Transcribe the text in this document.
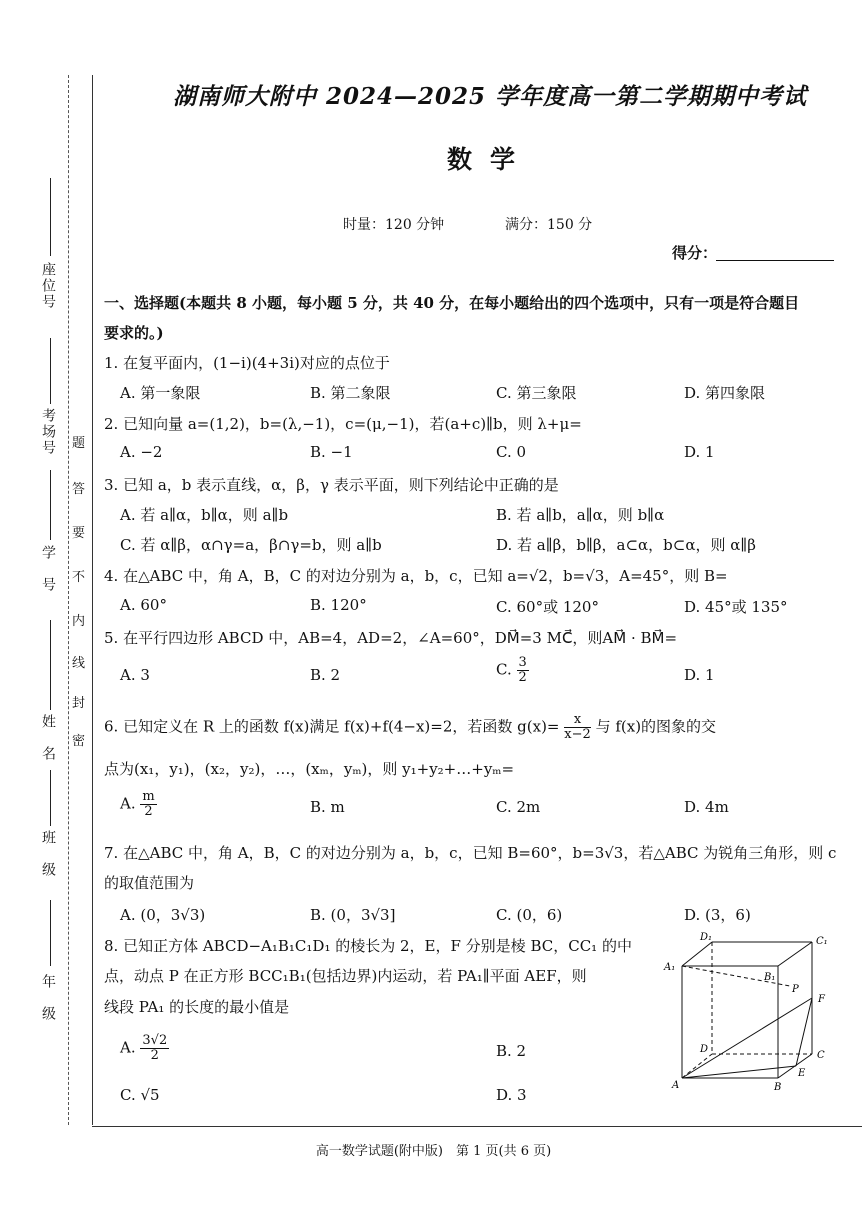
座位号
考场号
学　号
姓　名
班　级
年　级
题
答
要
不
内
线
封
密
湖南师大附中 2024—2025 学年度高一第二学期期中考试
数学
时量：120 分钟	满分：150 分
得分：
一、选择题(本题共 8 小题，每小题 5 分，共 40 分，在每小题给出的四个选项中，只有一项是符合题目
要求的。)
1. 在复平面内，(1−i)(4+3i)对应的点位于
A. 第一象限	B. 第二象限	C. 第三象限	D. 第四象限
2. 已知向量 a=(1,2)，b=(λ,−1)，c=(μ,−1)，若(a+c)∥b，则 λ+μ=
A. −2	B. −1	C. 0	D. 1
3. 已知 a，b 表示直线，α，β，γ 表示平面，则下列结论中正确的是
A. 若 a∥α，b∥α，则 a∥b	B. 若 a∥b，a∥α，则 b∥α
C. 若 α∥β，α∩γ=a，β∩γ=b，则 a∥b	D. 若 a∥β，b∥β，a⊂α，b⊂α，则 α∥β
4. 在△ABC 中，角 A，B，C 的对边分别为 a，b，c，已知 a=√2，b=√3，A=45°，则 B=
A. 60°	B. 120°	C. 60°或 120°	D. 45°或 135°
5. 在平行四边形 ABCD 中，AB=4，AD=2，∠A=60°，DM⃗=3 MC⃗，则AM⃗ · BM⃗=
A. 3	B. 2	C. $\frac{3}{2}$	D. 1
6. 已知定义在 R 上的函数 f(x)满足 f(x)+f(4−x)=2，若函数 $g(x)= \frac{x}{x-2}$ 与 f(x)的图象的交
点为(x₁，y₁)，(x₂，y₂)，…，(xₘ，yₘ)，则 y₁+y₂+…+yₘ=
A. $\frac{m}{2}$	B. m	C. 2m	D. 4m
7. 在△ABC 中，角 A，B，C 的对边分别为 a，b，c，已知 B=60°，b=3√3，若△ABC 为锐角三角形，则 c
的取值范围为
A. (0，3√3)	B. (0，3√3]	C. (0，6)	D. (3，6)
8. 已知正方体 ABCD−A₁B₁C₁D₁ 的棱长为 2，E，F 分别是棱 BC，CC₁ 的中
点，动点 P 在正方形 BCC₁B₁(包括边界)内运动，若 PA₁∥平面 AEF，则
线段 PA₁ 的长度的最小值是
A. $\frac{3√2}{2}$	B. 2
C. √5	D. 3
D₁	C₁
A₁
B₁
P
F
D
C
E
A	B
高一数学试题(附中版)　第 1 页(共 6 页)
